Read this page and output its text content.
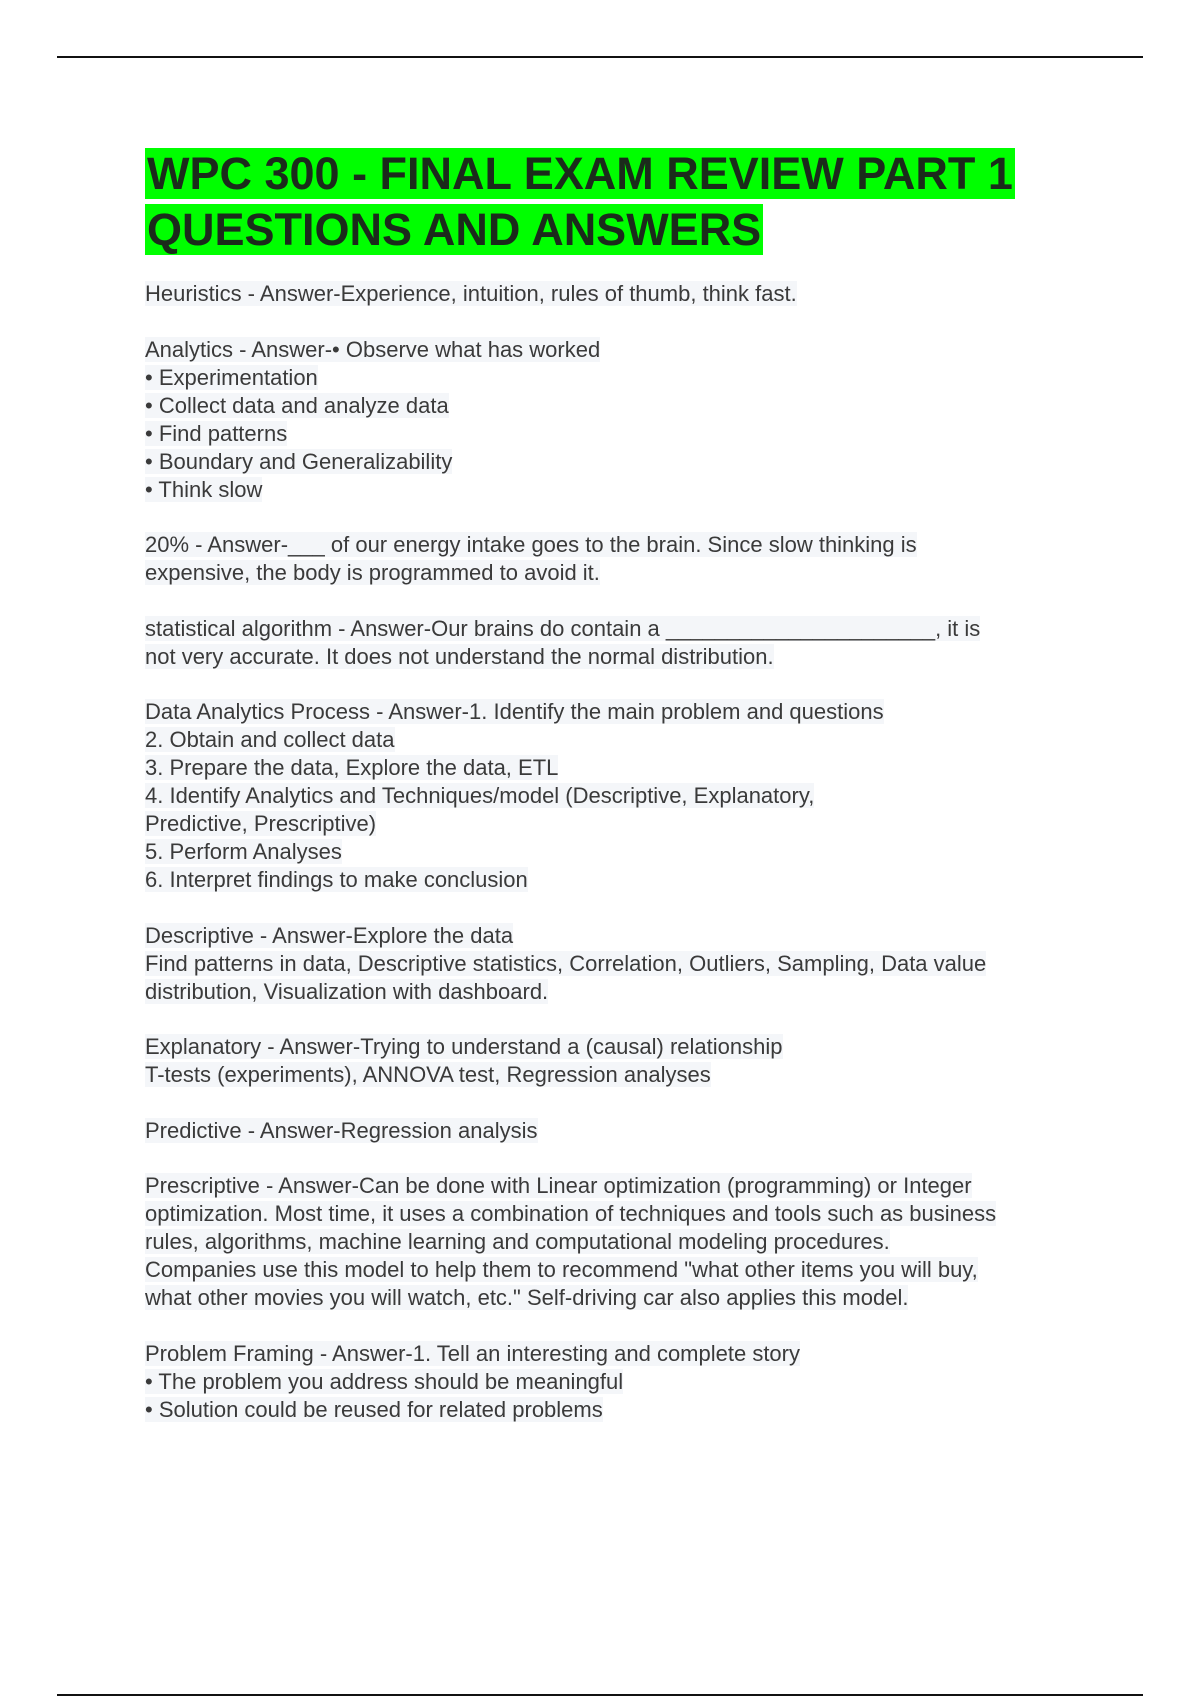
WPC 300 - FINAL EXAM REVIEW PART 1
QUESTIONS AND ANSWERS
Heuristics - Answer-Experience, intuition, rules of thumb, think fast.
Analytics - Answer-• Observe what has worked
• Experimentation
• Collect data and analyze data
• Find patterns
• Boundary and Generalizability
• Think slow
20% - Answer-___ of our energy intake goes to the brain. Since slow thinking is
expensive, the body is programmed to avoid it.
statistical algorithm - Answer-Our brains do contain a ______________________, it is
not very accurate. It does not understand the normal distribution.
Data Analytics Process - Answer-1. Identify the main problem and questions
2. Obtain and collect data
3. Prepare the data, Explore the data, ETL
4. Identify Analytics and Techniques/model (Descriptive, Explanatory,
Predictive, Prescriptive)
5. Perform Analyses
6. Interpret findings to make conclusion
Descriptive - Answer-Explore the data
Find patterns in data, Descriptive statistics, Correlation, Outliers, Sampling, Data value
distribution, Visualization with dashboard.
Explanatory - Answer-Trying to understand a (causal) relationship
T-tests (experiments), ANNOVA test, Regression analyses
Predictive - Answer-Regression analysis
Prescriptive - Answer-Can be done with Linear optimization (programming) or Integer
optimization. Most time, it uses a combination of techniques and tools such as business
rules, algorithms, machine learning and computational modeling procedures.
Companies use this model to help them to recommend "what other items you will buy,
what other movies you will watch, etc." Self-driving car also applies this model.
Problem Framing - Answer-1. Tell an interesting and complete story
• The problem you address should be meaningful
• Solution could be reused for related problems
